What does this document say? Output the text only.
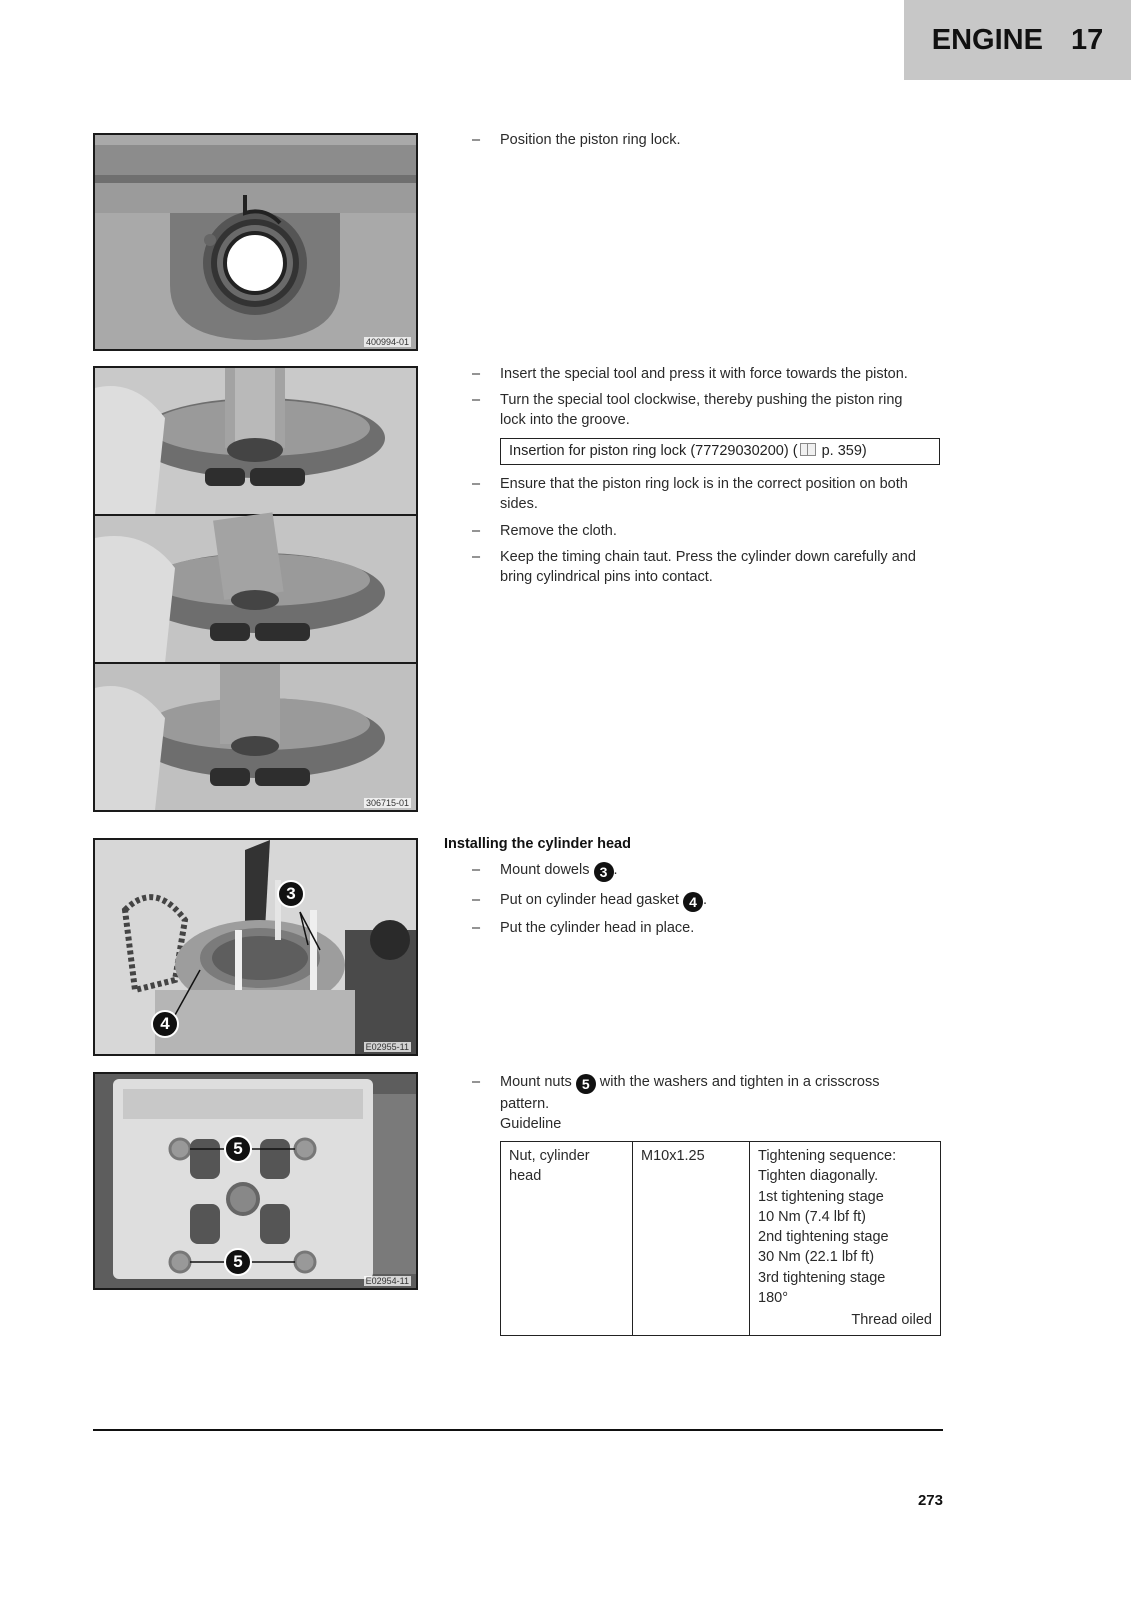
ENGINE 17
400994-01
306715-01
3
4
E02955-11
5
5
E02954-11
– Position the piston ring lock.
– Insert the special tool and press it with force towards the piston.
– Turn the special tool clockwise, thereby pushing the piston ring lock into the groove.
Insertion for piston ring lock (77729030200) ( p. 359)
– Ensure that the piston ring lock is in the correct position on both sides.
– Remove the cloth.
– Keep the timing chain taut. Press the cylinder down carefully and bring cylindrical pins into contact.
Installing the cylinder head
– Mount dowels 3 .
– Put on cylinder head gasket 4 .
– Put the cylinder head in place.
– Mount nuts 5 with the washers and tighten in a crisscross pattern.
Guideline
Nut, cylinder
head
	M10x1.25	Tightening sequence:
Tighten diagonally.
1st tightening stage
10 Nm (7.4 lbf ft)
2nd tightening stage
30 Nm (22.1 lbf ft)
3rd tightening stage
180°
Thread oiled
273
